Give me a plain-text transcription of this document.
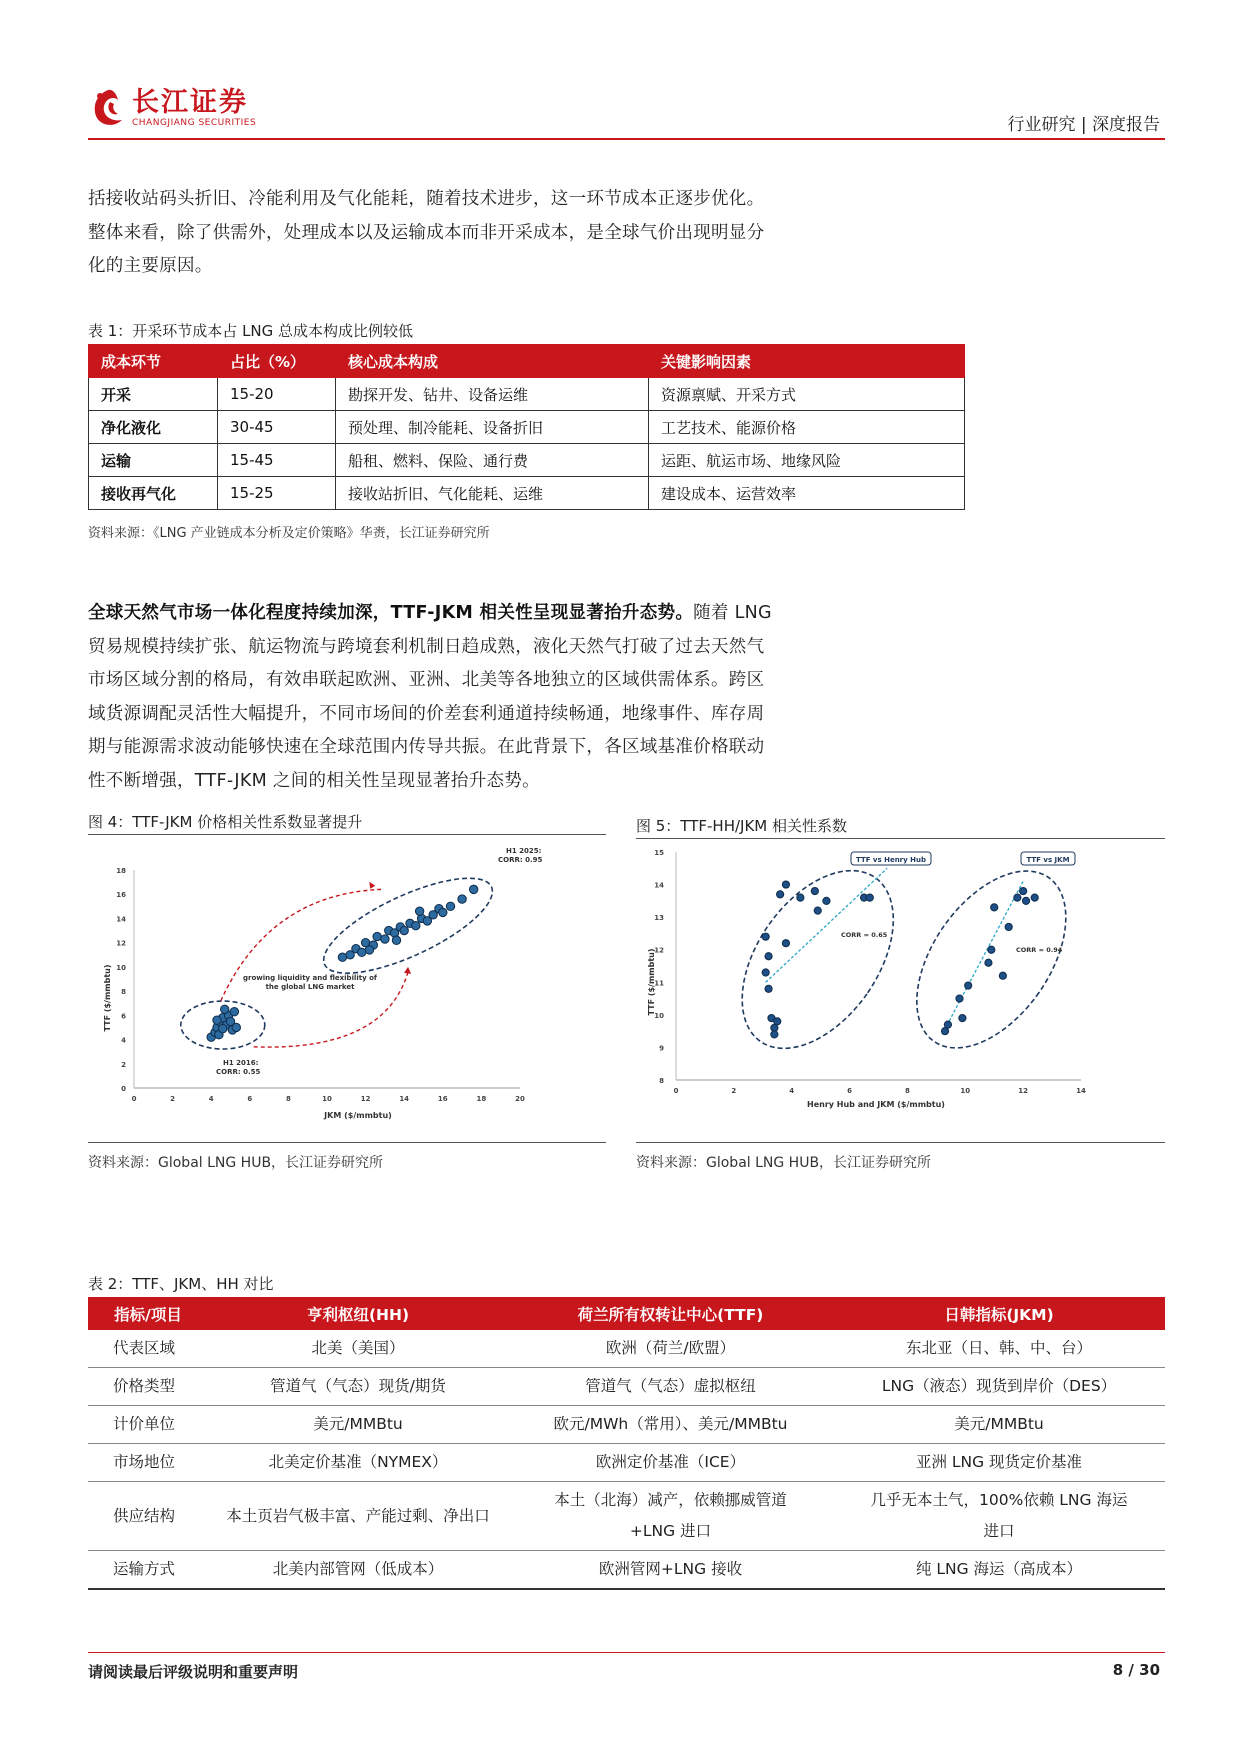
长江证券
CHANGJIANG SECURITIES	行业研究 | 深度报告
括接收站码头折旧、冷能利用及气化能耗，随着技术进步，这一环节成本正逐步优化。
整体来看，除了供需外，处理成本以及运输成本而非开采成本，是全球气价出现明显分
化的主要原因。
表 1：开采环节成本占 LNG 总成本构成比例较低
成本环节	占比（%）	核心成本构成	关键影响因素
开采	15-20	勘探开发、钻井、设备运维	资源禀赋、开采方式
净化液化	30-45	预处理、制冷能耗、设备折旧	工艺技术、能源价格
运输	15-45	船租、燃料、保险、通行费	运距、航运市场、地缘风险
接收再气化	15-25	接收站折旧、气化能耗、运维	建设成本、运营效率
资料来源：《LNG 产业链成本分析及定价策略》华赉，长江证券研究所
全球天然气市场一体化程度持续加深，TTF-JKM 相关性呈现显著抬升态势。随着 LNG
贸易规模持续扩张、航运物流与跨境套利机制日趋成熟，液化天然气打破了过去天然气
市场区域分割的格局，有效串联起欧洲、亚洲、北美等各地独立的区域供需体系。跨区
域货源调配灵活性大幅提升，不同市场间的价差套利通道持续畅通，地缘事件、库存周
期与能源需求波动能够快速在全球范围内传导共振。在此背景下，各区域基准价格联动
性不断增强，TTF-JKM 之间的相关性呈现显著抬升态势。
图 4：TTF-JKM 价格相关性系数显著提升
0	2	4	6	8	10	12	14	16	18	20
0
2
4
6
8
10
12
14
16
18
TTF ($/mmbtu)
JKM ($/mmbtu)
H1 2025:
CORR: 0.95
H1 2016:
CORR: 0.55
growing liquidity and flexibility of
the global LNG market
资料来源：Global LNG HUB，长江证券研究所
图 5：TTF-HH/JKM 相关性系数
0	2	4	6	8	10	12	14
8
9
10
11
12
13
14
15
TTF ($/mmbtu)
Henry Hub and JKM ($/mmbtu)
TTF vs Henry Hub	TTF vs JKM
CORR = 0.65
CORR = 0.94
资料来源：Global LNG HUB，长江证券研究所
表 2：TTF、JKM、HH 对比
指标/项目	亨利枢纽(HH)	荷兰所有权转让中心(TTF)	日韩指标(JKM)
代表区域	北美（美国）	欧洲（荷兰/欧盟）	东北亚（日、韩、中、台）
价格类型	管道气（气态）现货/期货	管道气（气态）虚拟枢纽	LNG（液态）现货到岸价（DES）
计价单位	美元/MMBtu	欧元/MWh（常用）、美元/MMBtu	美元/MMBtu
市场地位	北美定价基准（NYMEX）	欧洲定价基准（ICE）	亚洲 LNG 现货定价基准
供应结构	本土页岩气极丰富、产能过剩、净出口	本土（北海）减产，依赖挪威管道+LNG 进口	几乎无本土气，100%依赖 LNG 海运进口
运输方式	北美内部管网（低成本）	欧洲管网+LNG 接收	纯 LNG 海运（高成本）
请阅读最后评级说明和重要声明	8 / 30
